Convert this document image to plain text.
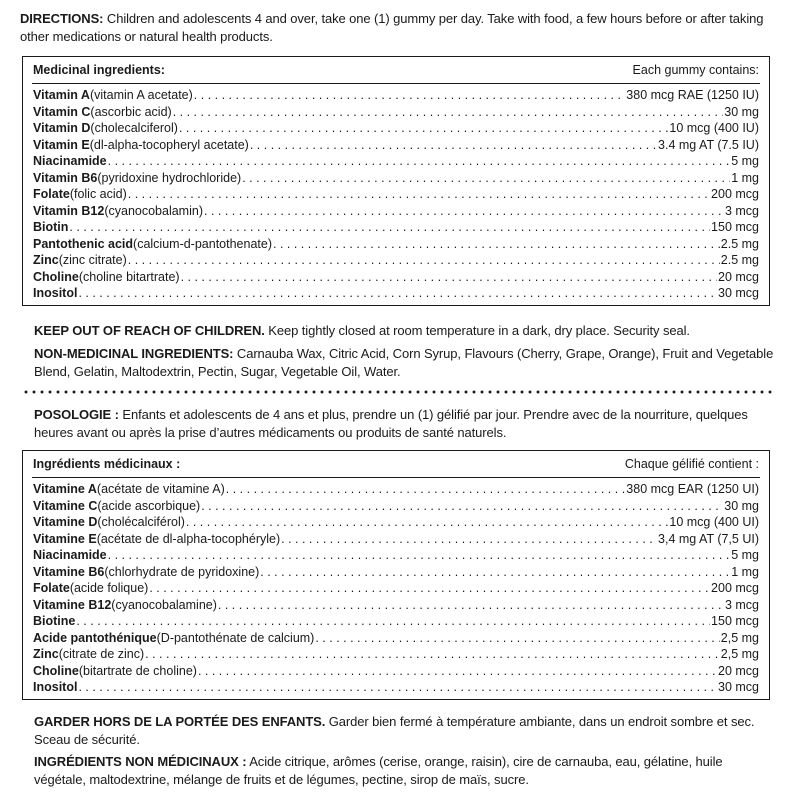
DIRECTIONS: Children and adolescents 4 and over, take one (1) gummy per day. Take with food, a few hours before or after taking other medications or natural health products.
Medicinal ingredients:	Each gummy contains:
Vitamin A (vitamin A acetate) . . .	380 mcg RAE (1250 IU)
Vitamin C (ascorbic acid) . . .	30 mg
Vitamin D (cholecalciferol) . . .	10 mcg (400 IU)
Vitamin E (dl-alpha-tocopheryl acetate) . . .	3.4 mg AT (7.5 IU)
Niacinamide . . .	5 mg
Vitamin B6 (pyridoxine hydrochloride) . . .	1 mg
Folate (folic acid) . . .	200 mcg
Vitamin B12 (cyanocobalamin) . . .	3 mcg
Biotin . . .	150 mcg
Pantothenic acid (calcium-d-pantothenate) . . .	2.5 mg
Zinc (zinc citrate) . . .	2.5 mg
Choline (choline bitartrate) . . .	20 mcg
Inositol . . .	30 mcg
KEEP OUT OF REACH OF CHILDREN. Keep tightly closed at room temperature in a dark, dry place. Security seal.
NON-MEDICINAL INGREDIENTS: Carnauba Wax, Citric Acid, Corn Syrup, Flavours (Cherry, Grape, Orange), Fruit and Vegetable Blend, Gelatin, Maltodextrin, Pectin, Sugar, Vegetable Oil, Water.
POSOLOGIE : Enfants et adolescents de 4 ans et plus, prendre un (1) gélifié par jour. Prendre avec de la nourriture, quelques heures avant ou après la prise d’autres médicaments ou produits de santé naturels.
Ingrédients médicinaux :	Chaque gélifié contient :
Vitamine A (acétate de vitamine A) . . .	380 mcg EAR (1250 UI)
Vitamine C (acide ascorbique) . . .	30 mg
Vitamine D (cholécalciférol) . . .	10 mcg (400 UI)
Vitamine E (acétate de dl-alpha-tocophéryle) . . .	3,4 mg AT (7,5 UI)
Niacinamide . . .	5 mg
Vitamine B6 (chlorhydrate de pyridoxine) . . .	1 mg
Folate (acide folique) . . .	200 mcg
Vitamine B12 (cyanocobalamine) . . .	3 mcg
Biotine . . .	150 mcg
Acide pantothénique (D-pantothénate de calcium) . . .	2,5 mg
Zinc (citrate de zinc) . . .	2,5 mg
Choline (bitartrate de choline) . . .	20 mcg
Inositol . . .	30 mcg
GARDER HORS DE LA PORTÉE DES ENFANTS. Garder bien fermé à température ambiante, dans un endroit sombre et sec. Sceau de sécurité.
INGRÉDIENTS NON MÉDICINAUX : Acide citrique, arômes (cerise, orange, raisin), cire de carnauba, eau, gélatine, huile végétale, maltodextrine, mélange de fruits et de légumes, pectine, sirop de maïs, sucre.
